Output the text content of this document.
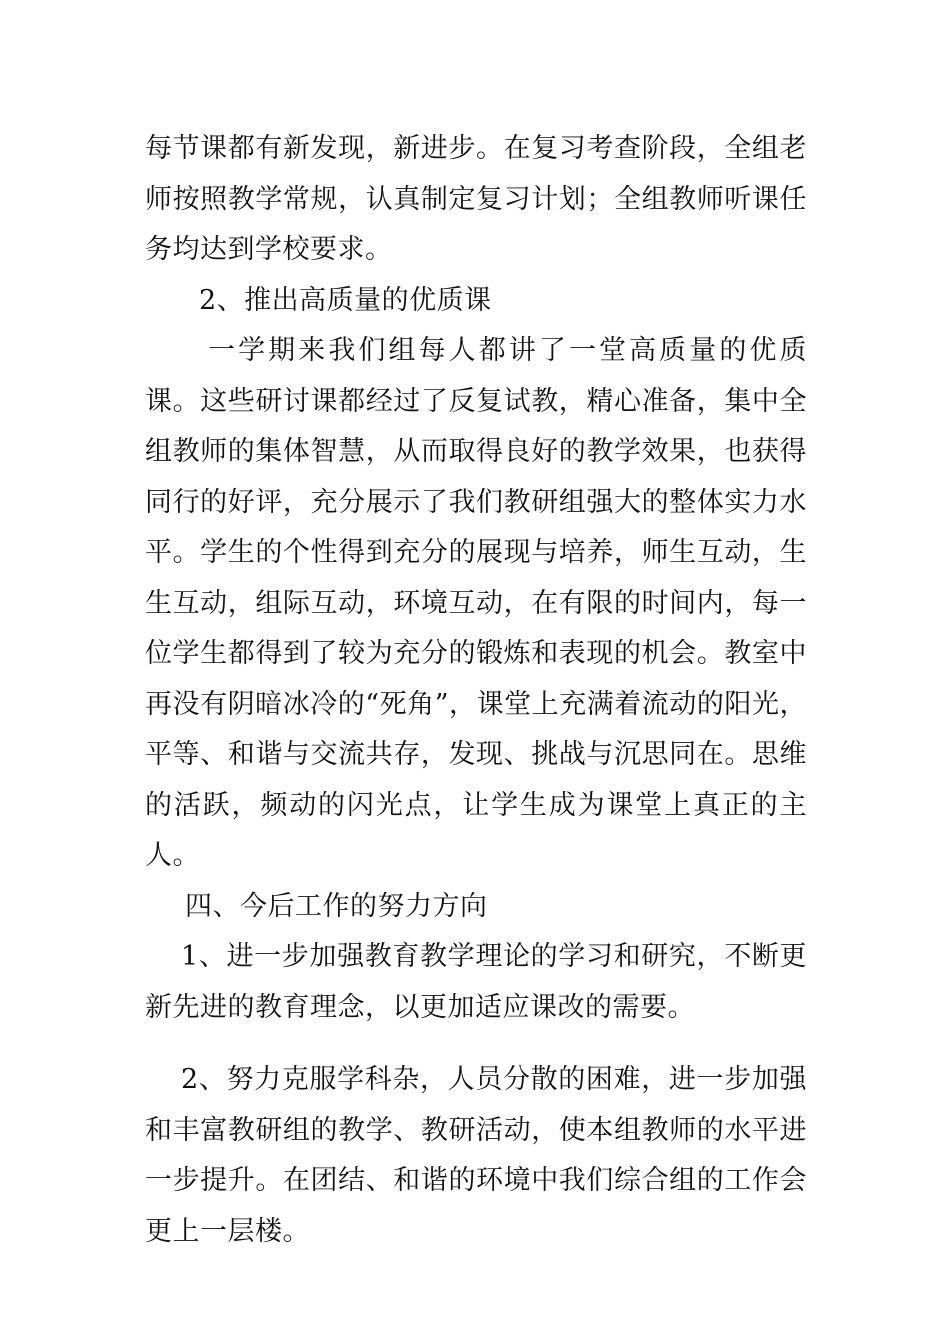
每节课都有新发现，新进步。在复习考查阶段，全组老师按照教学常规，认真制定复习计划；全组教师听课任务均达到学校要求。

2、推出高质量的优质课

一学期来我们组每人都讲了一堂高质量的优质课。这些研讨课都经过了反复试教，精心准备，集中全组教师的集体智慧，从而取得良好的教学效果，也获得同行的好评，充分展示了我们教研组强大的整体实力水平。学生的个性得到充分的展现与培养，师生互动，生生互动，组际互动，环境互动，在有限的时间内，每一位学生都得到了较为充分的锻炼和表现的机会。教室中再没有阴暗冰冷的“死角”，课堂上充满着流动的阳光，平等、和谐与交流共存，发现、挑战与沉思同在。思维的活跃，频动的闪光点，让学生成为课堂上真正的主人。

四、今后工作的努力方向

1、进一步加强教育教学理论的学习和研究，不断更新先进的教育理念，以更加适应课改的需要。

2、努力克服学科杂，人员分散的困难，进一步加强和丰富教研组的教学、教研活动，使本组教师的水平进一步提升。在团结、和谐的环境中我们综合组的工作会更上一层楼。
